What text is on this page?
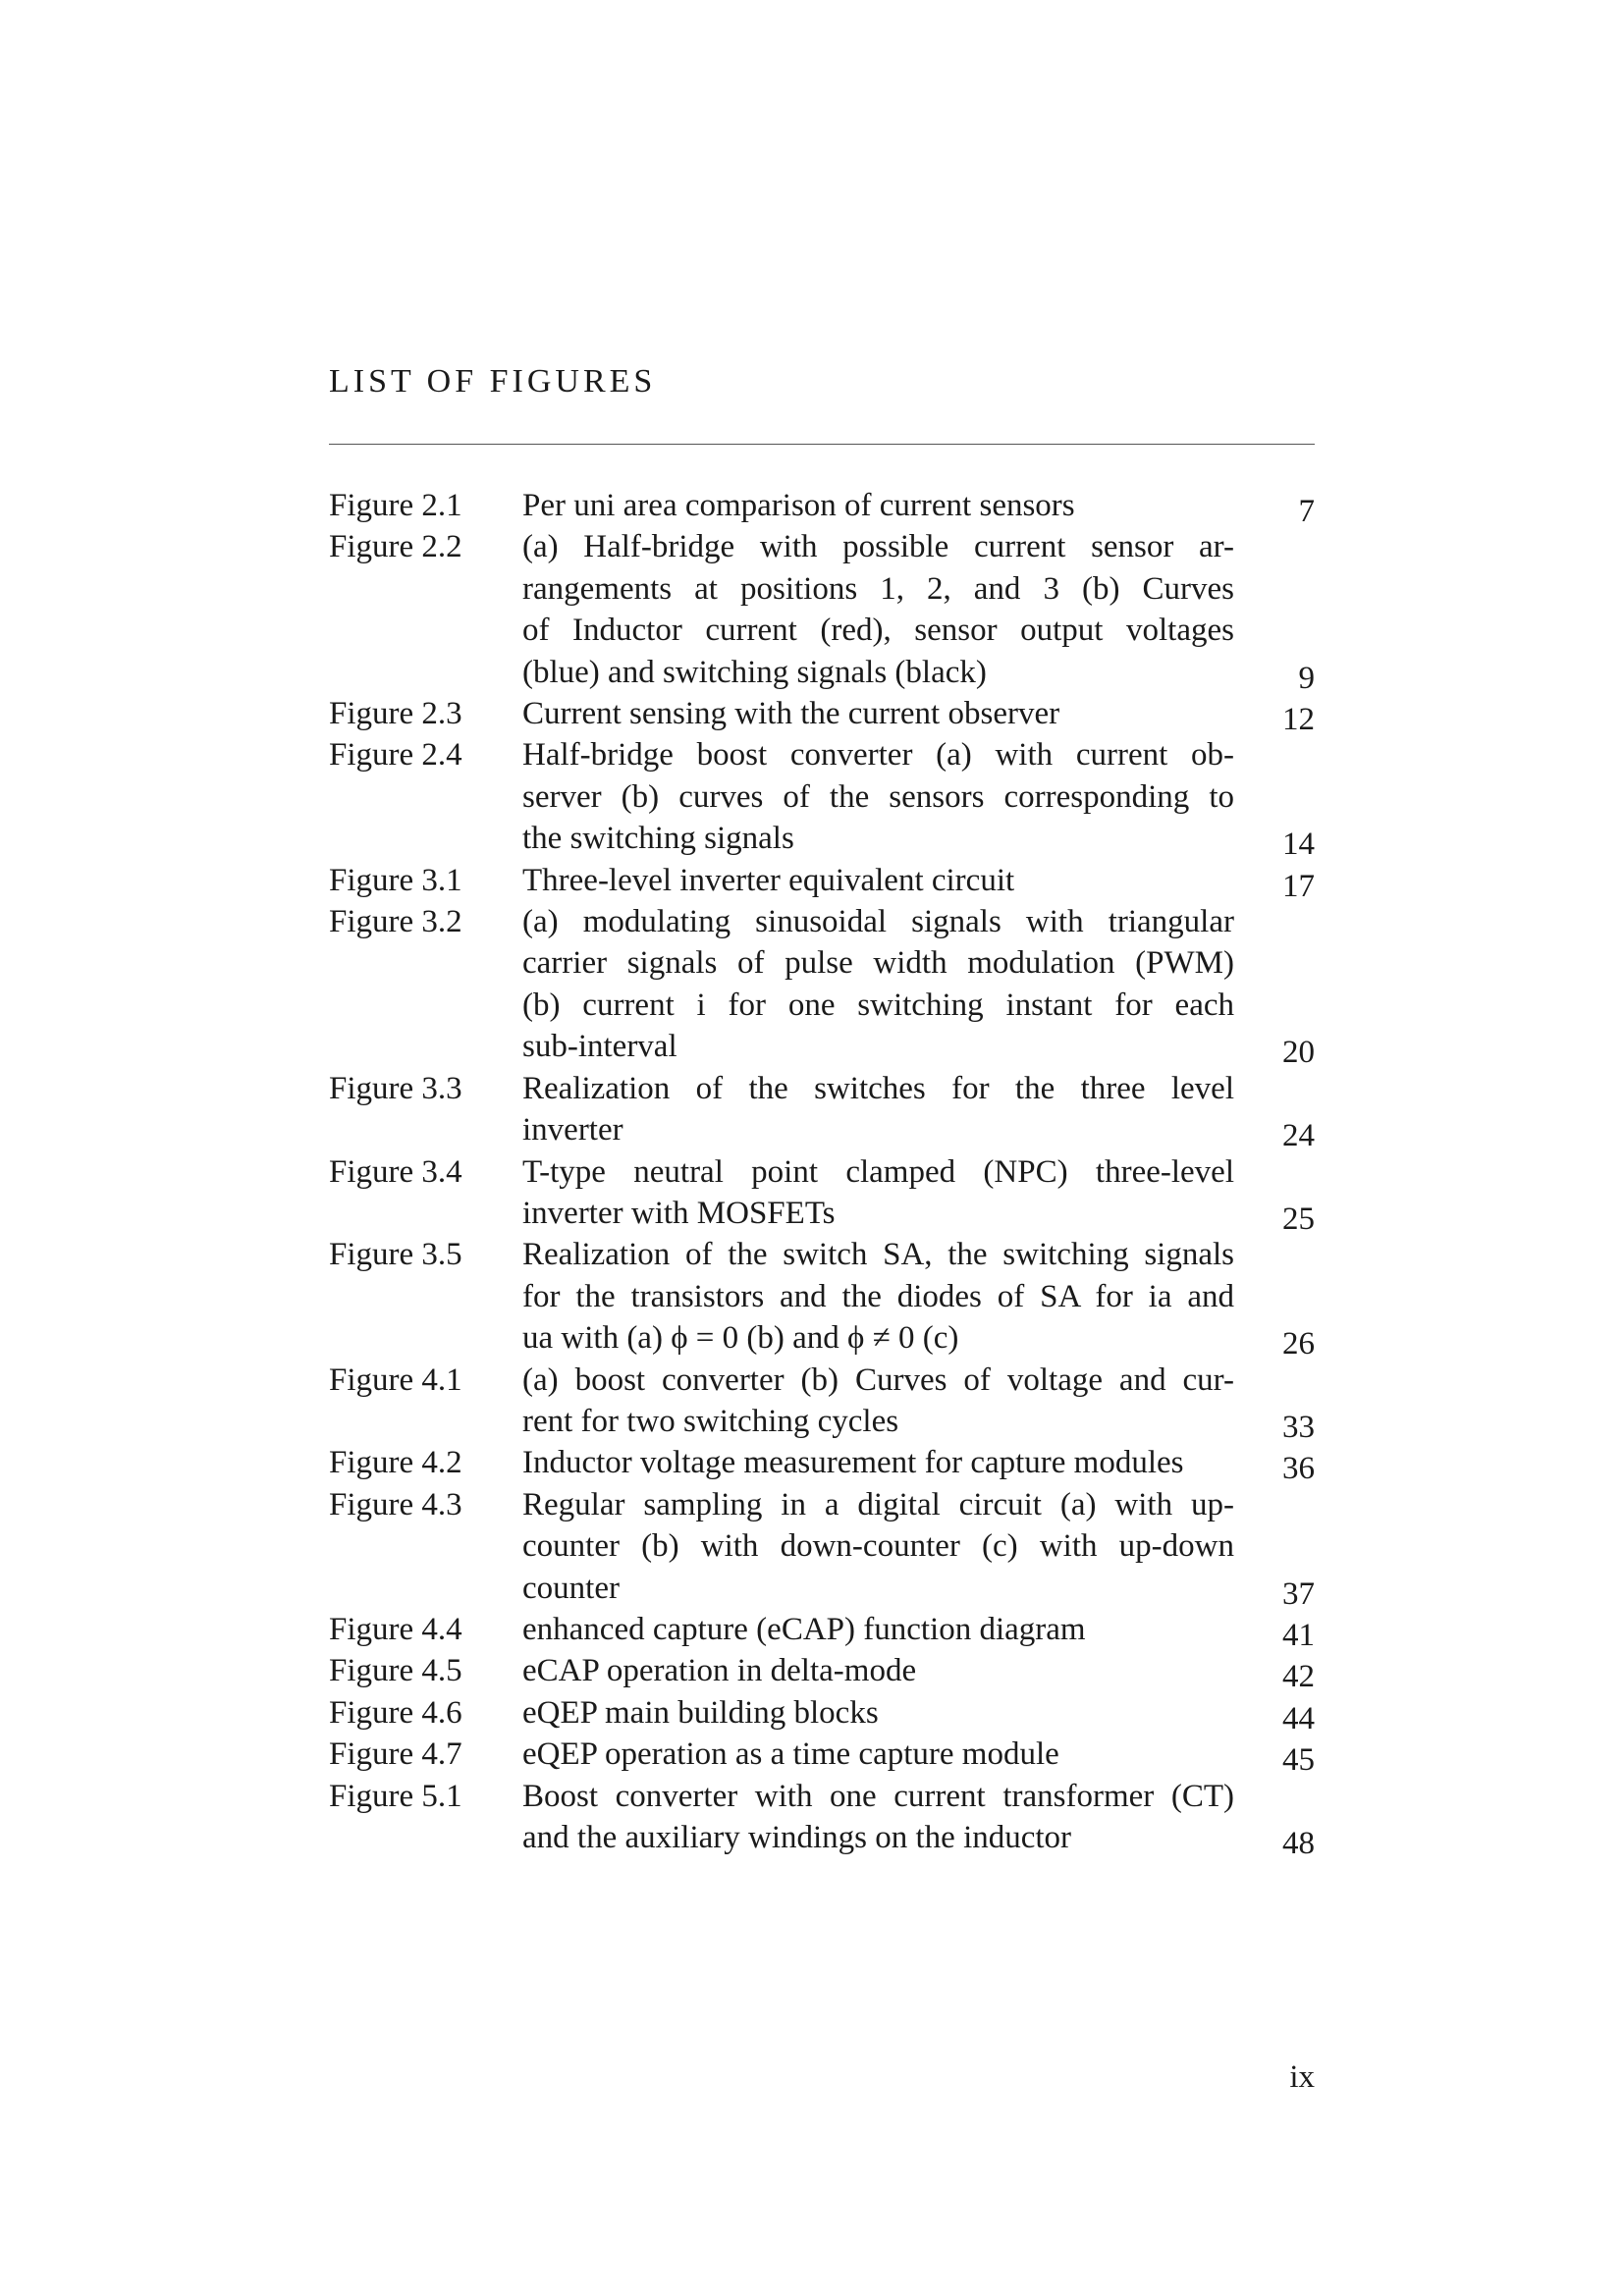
LIST OF FIGURES
Figure 2.1	Per uni area comparison of current sensors	7
Figure 2.2	(a) Half-bridge with possible current sensor ar-
rangements at positions 1, 2, and 3 (b) Curves
of Inductor current (red), sensor output voltages
(blue) and switching signals (black)	9
Figure 2.3	Current sensing with the current observer	12
Figure 2.4	Half-bridge boost converter (a) with current ob-
server (b) curves of the sensors corresponding to
the switching signals	14
Figure 3.1	Three-level inverter equivalent circuit	17
Figure 3.2	(a) modulating sinusoidal signals with triangular
carrier signals of pulse width modulation (PWM)
(b) current i for one switching instant for each
sub-interval	20
Figure 3.3	Realization of the switches for the three level
inverter	24
Figure 3.4	T-type neutral point clamped (NPC) three-level
inverter with MOSFETs	25
Figure 3.5	Realization of the switch SA, the switching signals
for the transistors and the diodes of SA for ia and
ua with (a) ϕ = 0 (b) and ϕ ≠ 0 (c)	26
Figure 4.1	(a) boost converter (b) Curves of voltage and cur-
rent for two switching cycles	33
Figure 4.2	Inductor voltage measurement for capture modules	36
Figure 4.3	Regular sampling in a digital circuit (a) with up-
counter (b) with down-counter (c) with up-down
counter	37
Figure 4.4	enhanced capture (eCAP) function diagram	41
Figure 4.5	eCAP operation in delta-mode	42
Figure 4.6	eQEP main building blocks	44
Figure 4.7	eQEP operation as a time capture module	45
Figure 5.1	Boost converter with one current transformer (CT)
and the auxiliary windings on the inductor	48
ix
